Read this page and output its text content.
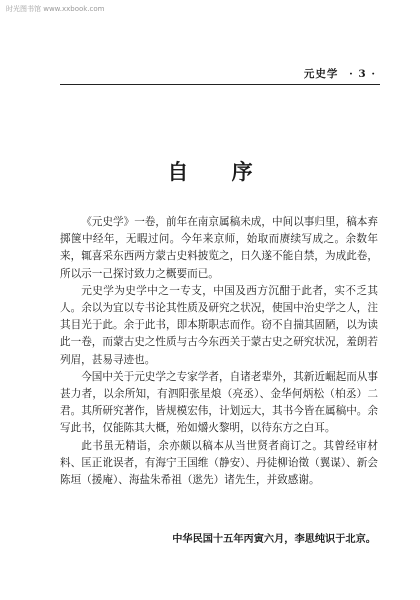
时光图书馆 www.xxbook.com
元史学 · 3 ·
自 序

《元史学》一卷，前年在南京属稿未成，中间以事归里，稿本弃掷箧中经年，无暇过问。今年来京师，始取而赓续写成之。余数年来，辄喜采东西两方蒙古史料披览之，日久遂不能自禁，为成此卷，所以示一己探讨致力之概要而已。

元史学为史学中之一专支，中国及西方沉酣于此者，实不乏其人。余以为宜以专书论其性质及研究之状况，使国中治史学之人，注其目光于此。余于此书，即本斯职志而作。窃不自揣其固陋，以为读此一卷，而蒙古史之性质与古今东西关于蒙古史之研究状况，羞朗若列眉，甚易寻迹也。

今国中关于元史学之专家学者，自诸老辈外，其新近崛起而从事甚力者，以余所知，有泗阳张星烺（亮丞）、金华何炳松（柏丞）二君。其所研究著作，皆规模宏伟，计划远大，其书今皆在属稿中。余写此书，仅能陈其大概，殆如爝火黎明，以待东方之白耳。

此书虽无精诣，余亦颇以稿本从当世贤者商订之。其曾经审材料、匡正讹误者，有海宁王国维（静安）、丹徒柳诒徵（翼谋）、新会陈垣（援庵）、海盐朱希祖（逖先）诸先生，并致感谢。

中华民国十五年丙寅六月，李思纯识于北京。
